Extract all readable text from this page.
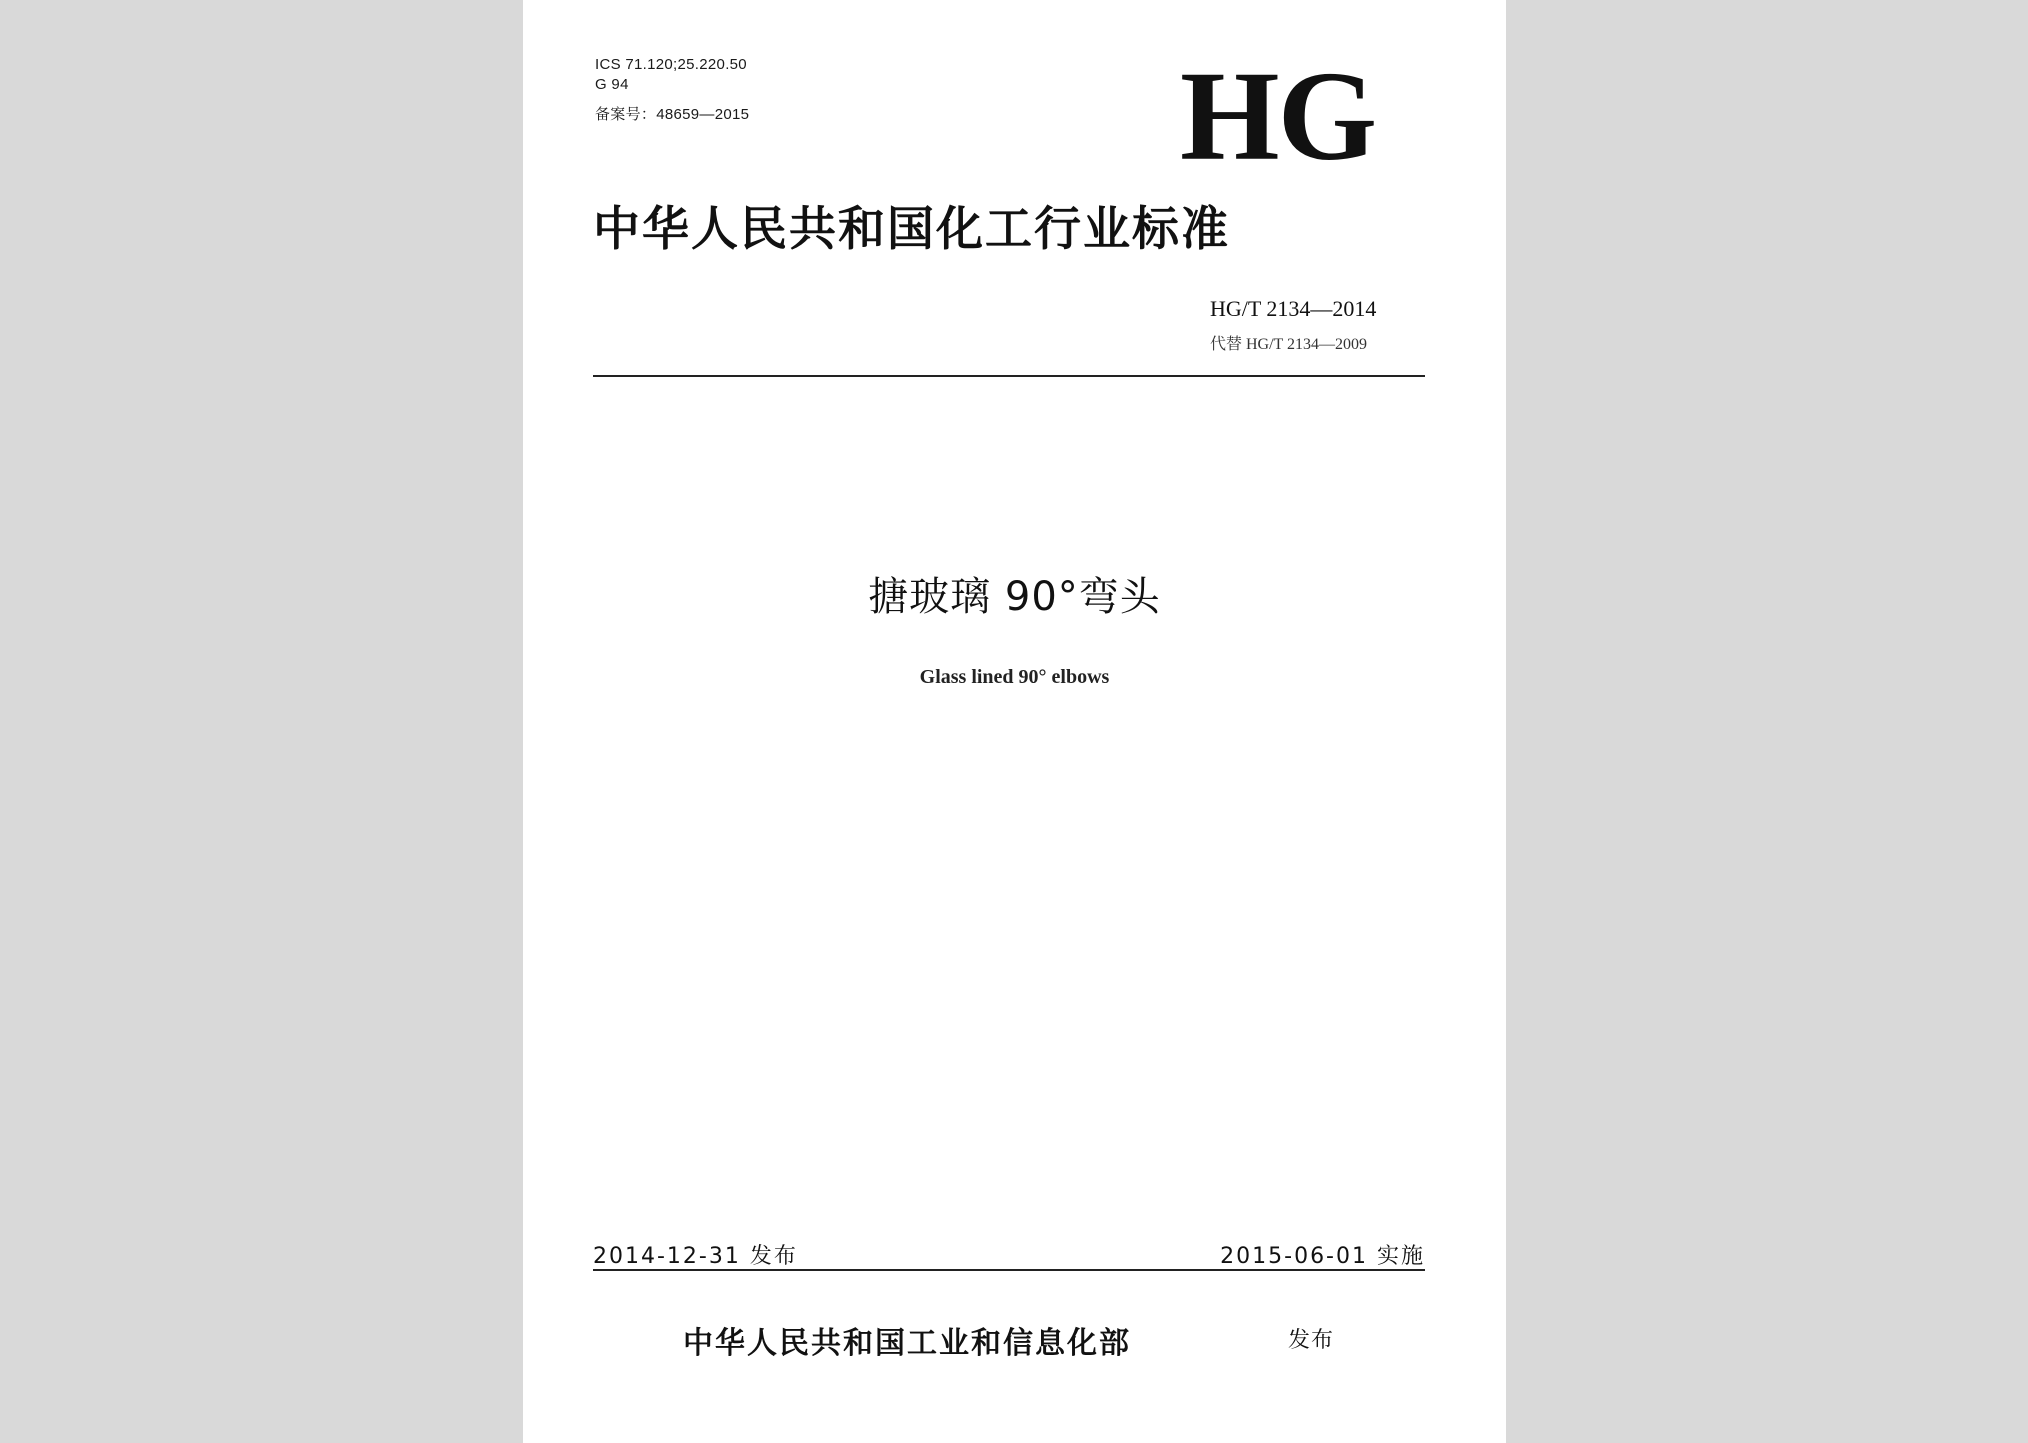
ICS 71.120;25.220.50
G 94
备案号：48659—2015	HG
中华人民共和国化工行业标准
HG/T 2134—2014
代替 HG/T 2134—2009
搪玻璃 90°弯头
Glass lined 90° elbows
2014-12-31 发布	2015-06-01 实施
中华人民共和国工业和信息化部	发布
